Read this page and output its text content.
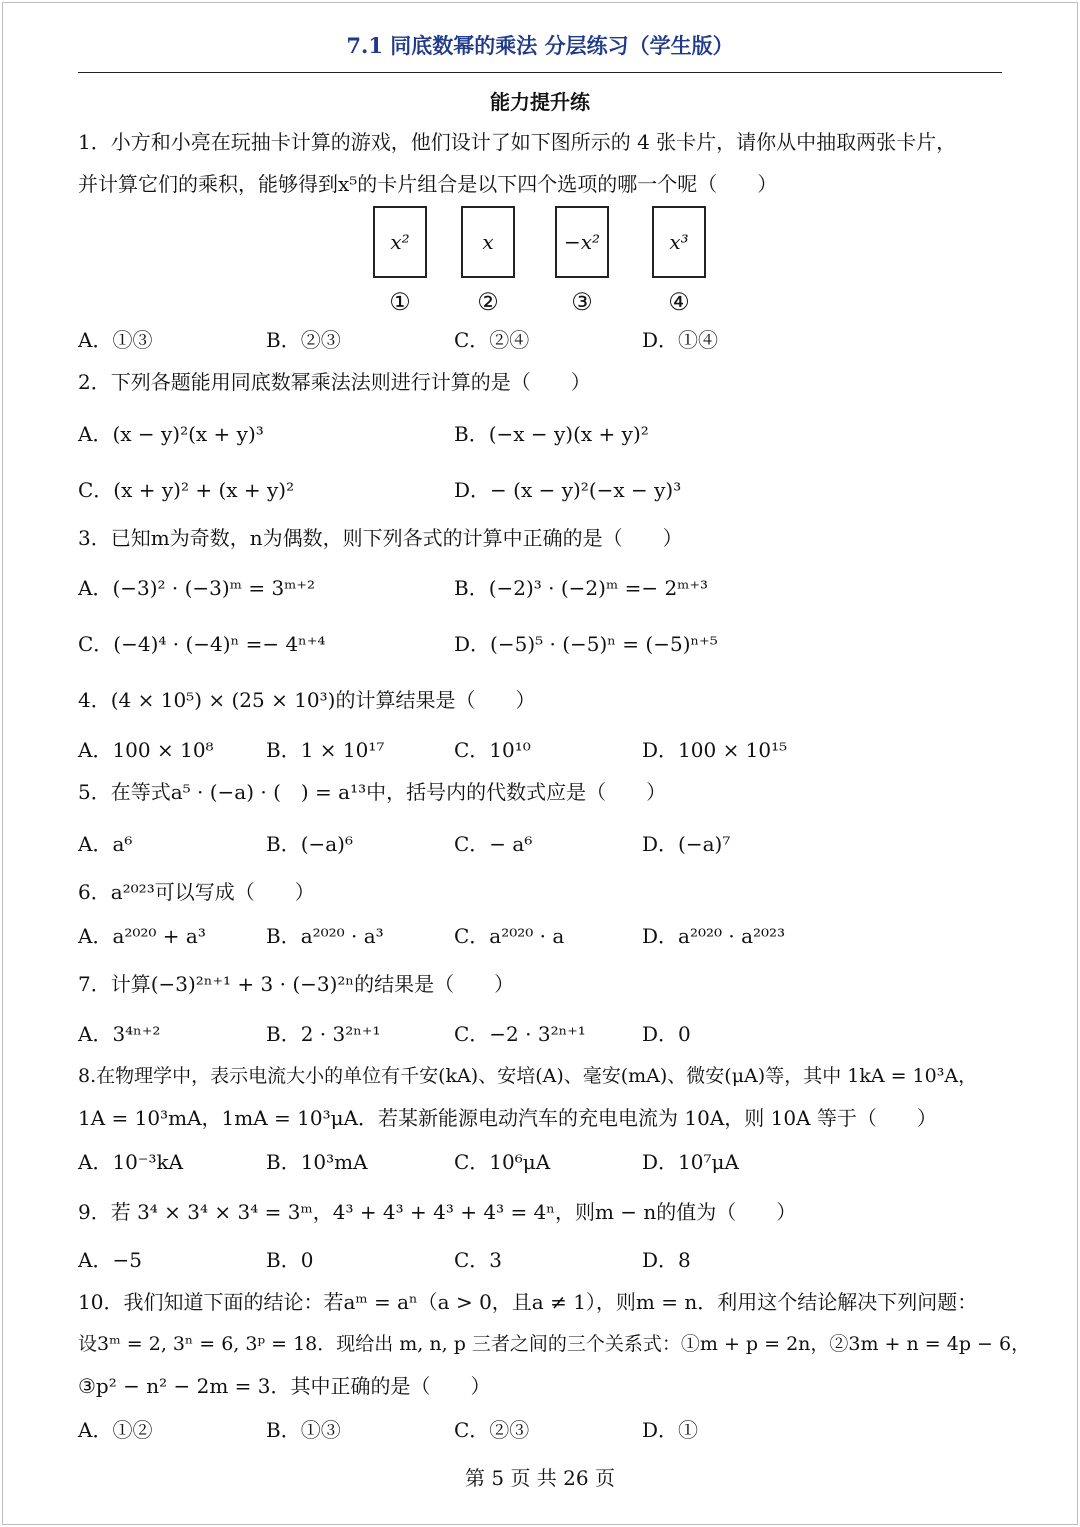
7.1 同底数幂的乘法 分层练习（学生版）
能力提升练
1．小方和小亮在玩抽卡计算的游戏，他们设计了如下图所示的 4 张卡片，请你从中抽取两张卡片，
并计算它们的乘积，能够得到x⁵的卡片组合是以下四个选项的哪一个呢（　　）
x²	x	−x²	x³
①	②	③	④
A．①③	B．②③	C．②④	D．①④
2．下列各题能用同底数幂乘法法则进行计算的是（　　）
A．(x − y)²(x + y)³	B．(−x − y)(x + y)²
C．(x + y)² + (x + y)²	D．− (x − y)²(−x − y)³
3．已知m为奇数，n为偶数，则下列各式的计算中正确的是（　　）
A．(−3)² · (−3)ᵐ = 3ᵐ⁺²	B．(−2)³ · (−2)ᵐ =− 2ᵐ⁺³
C．(−4)⁴ · (−4)ⁿ =− 4ⁿ⁺⁴	D．(−5)⁵ · (−5)ⁿ = (−5)ⁿ⁺⁵
4．(4 × 10⁵) × (25 × 10³)的计算结果是（　　）
A．100 × 10⁸	B．1 × 10¹⁷	C．10¹⁰	D．100 × 10¹⁵
5．在等式a⁵ · (−a) · (　) = a¹³中，括号内的代数式应是（　　）
A．a⁶	B．(−a)⁶	C．− a⁶	D．(−a)⁷
6．a²⁰²³可以写成（　　）
A．a²⁰²⁰ + a³	B．a²⁰²⁰ · a³	C．a²⁰²⁰ · a	D．a²⁰²⁰ · a²⁰²³
7．计算(−3)²ⁿ⁺¹ + 3 · (−3)²ⁿ的结果是（　　）
A．3⁴ⁿ⁺²	B．2 · 3²ⁿ⁺¹	C．−2 · 3²ⁿ⁺¹	D．0
8.在物理学中，表示电流大小的单位有千安(kA)、安培(A)、毫安(mA)、微安(μA)等，其中 1kA = 10³A，
1A = 10³mA，1mA = 10³μA．若某新能源电动汽车的充电电流为 10A，则 10A 等于（　　）
A．10⁻³kA	B．10³mA	C．10⁶μA	D．10⁷μA
9．若 3⁴ × 3⁴ × 3⁴ = 3ᵐ，4³ + 4³ + 4³ + 4³ = 4ⁿ，则m − n的值为（　　）
A．−5	B．0	C．3	D．8
10．我们知道下面的结论：若aᵐ = aⁿ（a > 0，且a ≠ 1），则m = n．利用这个结论解决下列问题：
设3ᵐ = 2, 3ⁿ = 6, 3ᵖ = 18．现给出 m, n, p 三者之间的三个关系式：①m + p = 2n，②3m + n = 4p − 6，
③p² − n² − 2m = 3．其中正确的是（　　）
A．①②	B．①③	C．②③	D．①
第 5 页 共 26 页
